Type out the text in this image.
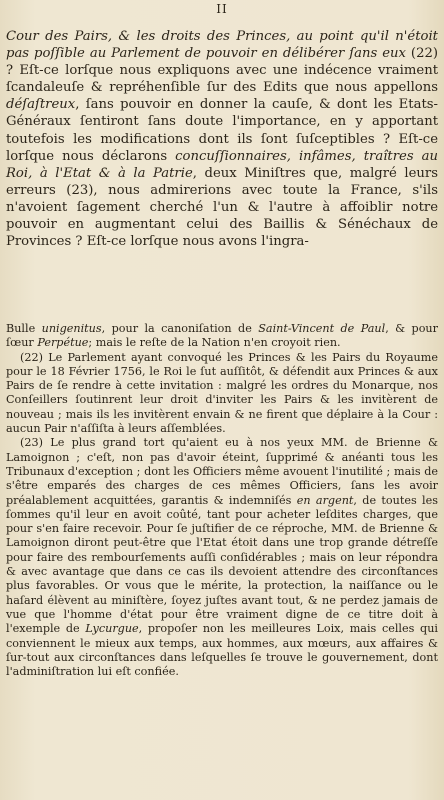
II

Cour des Pairs, & les droits des Princes, au point qu'il n'étoit pas poſſible au Parlement de pouvoir en délibérer ſans eux (22) ? Eſt-ce lorſque nous expliquons avec une indécence vraiment ſcandaleuſe & repréhenſible ſur des Edits que nous appellons déſaſtreux, ſans pouvoir en donner la cauſe, & dont les Etats-Généraux ſentiront ſans doute l'importance, en y apportant toutefois les modifications dont ils ſont ſuſceptibles ? Eſt-ce lorſque nous déclarons concuſſionnaires, infâmes, traîtres au Roi, à l'Etat & à la Patrie, deux Miniſtres que, malgré leurs erreurs (23), nous admirerions avec toute la France, s'ils n'avoient ſagement cherché l'un & l'autre à affoiblir notre pouvoir en augmentant celui des Baillis & Sénéchaux de Provinces ? Eſt-ce lorſque nous avons l'ingra-

Bulle unigenitus, pour la canoniſation de Saint-Vincent de Paul, & pour ſœur Perpétue; mais le reſte de la Nation n'en croyoit rien.

(22) Le Parlement ayant convoqué les Princes & les Pairs du Royaume pour le 18 Février 1756, le Roi le ſut auſſitôt, & défendit aux Princes & aux Pairs de ſe rendre à cette invitation : malgré les ordres du Monarque, nos Conſeillers ſoutinrent leur droit d'inviter les Pairs & les invitèrent de nouveau ; mais ils les invitèrent envain & ne firent que déplaire à la Cour : aucun Pair n'aſſiſta à leurs aſſemblées.

(23) Le plus grand tort qu'aient eu à nos yeux MM. de Brienne & Lamoignon ; c'eſt, non pas d'avoir éteint, ſupprimé & anéanti tous les Tribunaux d'exception ; dont les Officiers même avouent l'inutilité ; mais de s'être emparés des charges de ces mêmes Officiers, ſans les avoir préalablement acquittées, garantis & indemniſés en argent, de toutes les ſommes qu'il leur en avoit coûté, tant pour acheter leſdites charges, que pour s'en faire recevoir. Pour ſe juſtifier de ce réproche, MM. de Brienne & Lamoignon diront peut-être que l'Etat étoit dans une trop grande détreſſe pour faire des rembourſements auſſi conſidérables ; mais on leur répondra & avec avantage que dans ce cas ils devoient attendre des circonſtances plus favorables. Or vous que le mérite, la protection, la naiſſance ou le haſard élèvent au miniſtère, ſoyez juſtes avant tout, & ne perdez jamais de vue que l'homme d'état pour être vraiment digne de ce titre doit à l'exemple de Lycurgue, propoſer non les meilleures Loix, mais celles qui conviennent le mieux aux temps, aux hommes, aux mœurs, aux affaires & ſur-tout aux circonſtances dans leſquelles ſe trouve le gouvernement, dont l'adminiſtration lui eſt confiée.
